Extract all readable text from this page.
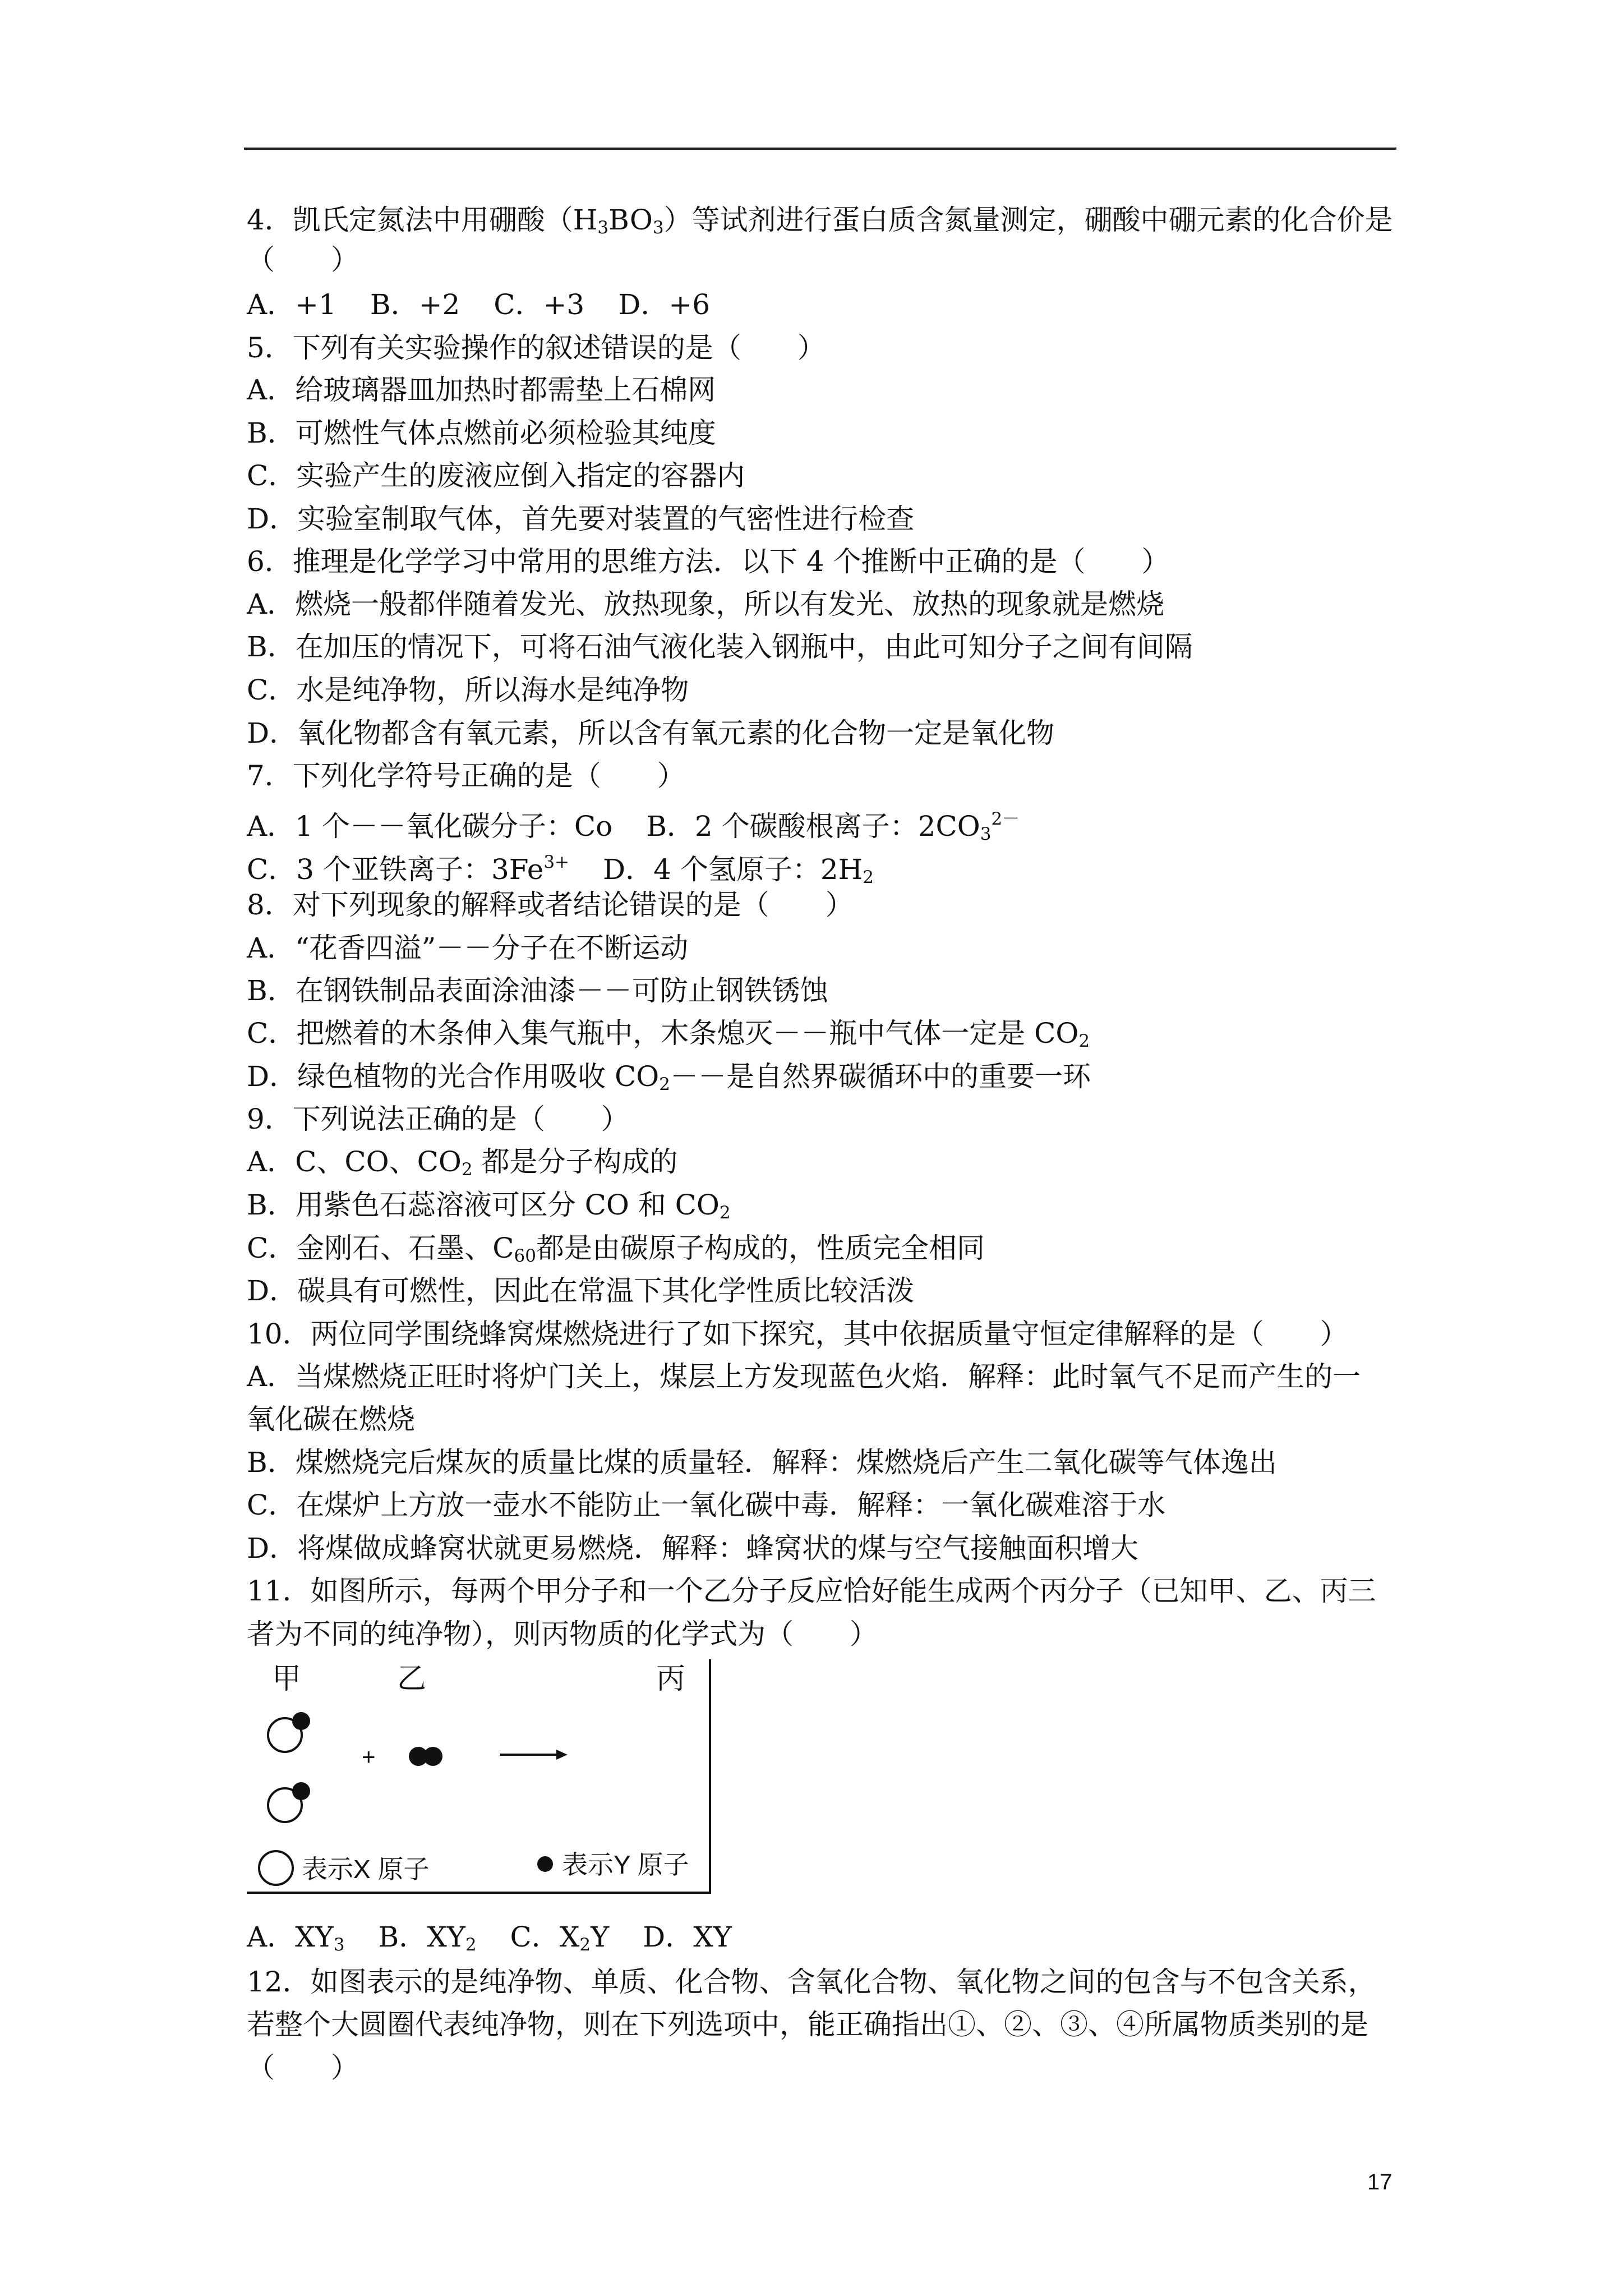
4．凯氏定氮法中用硼酸$(H_3BO_3)$等试剂进行蛋白质含氮量测定，硼酸中硼元素的化合价是
（　　）
A．+1 B．+2 C．+3 D．+6
5．下列有关实验操作的叙述错误的是（　　）
A．给玻璃器皿加热时都需垫上石棉网
B．可燃性气体点燃前必须检验其纯度
C．实验产生的废液应倒入指定的容器内
D．实验室制取气体，首先要对装置的气密性进行检查
6．推理是化学学习中常用的思维方法．以下 4 个推断中正确的是（　　）
A．燃烧一般都伴随着发光、放热现象，所以有发光、放热的现象就是燃烧
B．在加压的情况下，可将石油气液化装入钢瓶中，由此可知分子之间有间隔
C．水是纯净物，所以海水是纯净物
D．氧化物都含有氧元素，所以含有氧元素的化合物一定是氧化物
7．下列化学符号正确的是（　　）
A．1 个－－氧化碳分子：Co B．2 个碳酸根离子：$2CO_3^{2-}$
C．3 个亚铁离子：$3Fe^{3+}$ D．4 个氢原子：$2H_2$
8．对下列现象的解释或者结论错误的是（　　）
A．“花香四溢”－－分子在不断运动
B．在钢铁制品表面涂油漆－－可防止钢铁锈蚀
C．把燃着的木条伸入集气瓶中，木条熄灭－－瓶中气体一定是 $CO_2$
D．绿色植物的光合作用吸收 $CO_2--$是自然界碳循环中的重要一环
9．下列说法正确的是（　　）
A．C、CO、$CO_2$ 都是分子构成的
B．用紫色石蕊溶液可区分 CO 和 $CO_2$
C．金刚石、石墨、$C_{60}$都是由碳原子构成的，性质完全相同
D．碳具有可燃性，因此在常温下其化学性质比较活泼
10．两位同学围绕蜂窝煤燃烧进行了如下探究，其中依据质量守恒定律解释的是（　　）
A．当煤燃烧正旺时将炉门关上，煤层上方发现蓝色火焰．解释：此时氧气不足而产生的一
氧化碳在燃烧
B．煤燃烧完后煤灰的质量比煤的质量轻．解释：煤燃烧后产生二氧化碳等气体逸出
C．在煤炉上方放一壶水不能防止一氧化碳中毒．解释：一氧化碳难溶于水
D．将煤做成蜂窝状就更易燃烧．解释：蜂窝状的煤与空气接触面积增大
11．如图所示，每两个甲分子和一个乙分子反应恰好能生成两个丙分子（已知甲、乙、丙三
者为不同的纯净物），则丙物质的化学式为（　　）
甲	乙	丙
+
表示X 原子	表示Y 原子
A．$XY_3$ B．$XY_2$ C．$X_2Y$ D．XY
12．如图表示的是纯净物、单质、化合物、含氧化合物、氧化物之间的包含与不包含关系，
若整个大圆圈代表纯净物，则在下列选项中，能正确指出①、②、③、④所属物质类别的是
（　　）
17
